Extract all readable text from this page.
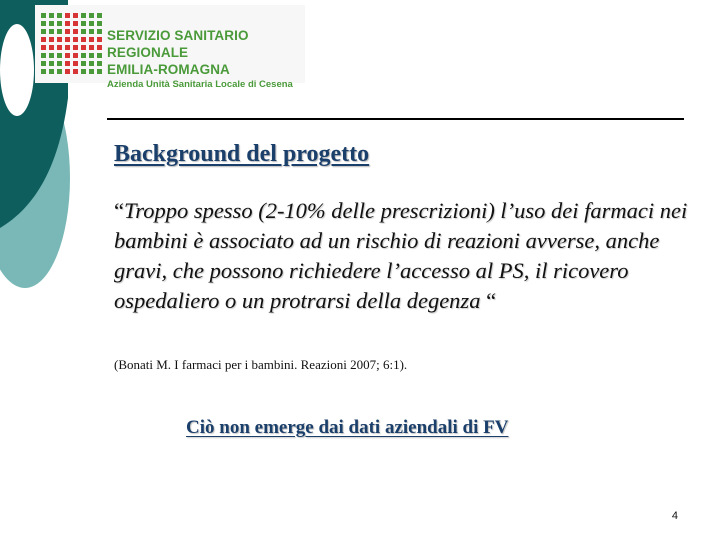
SERVIZIO SANITARIO REGIONALE
EMILIA-ROMAGNA
Azienda Unità Sanitaria Locale di Cesena
Background del progetto
“Troppo spesso (2-10% delle prescrizioni) l’uso dei farmaci nei bambini è associato ad un rischio di reazioni avverse, anche gravi, che possono richiedere l’accesso al PS, il ricovero ospedaliero o un protrarsi della degenza “
(Bonati M. I farmaci per i bambini. Reazioni 2007; 6:1).
Ciò non emerge dai dati aziendali di FV
4
